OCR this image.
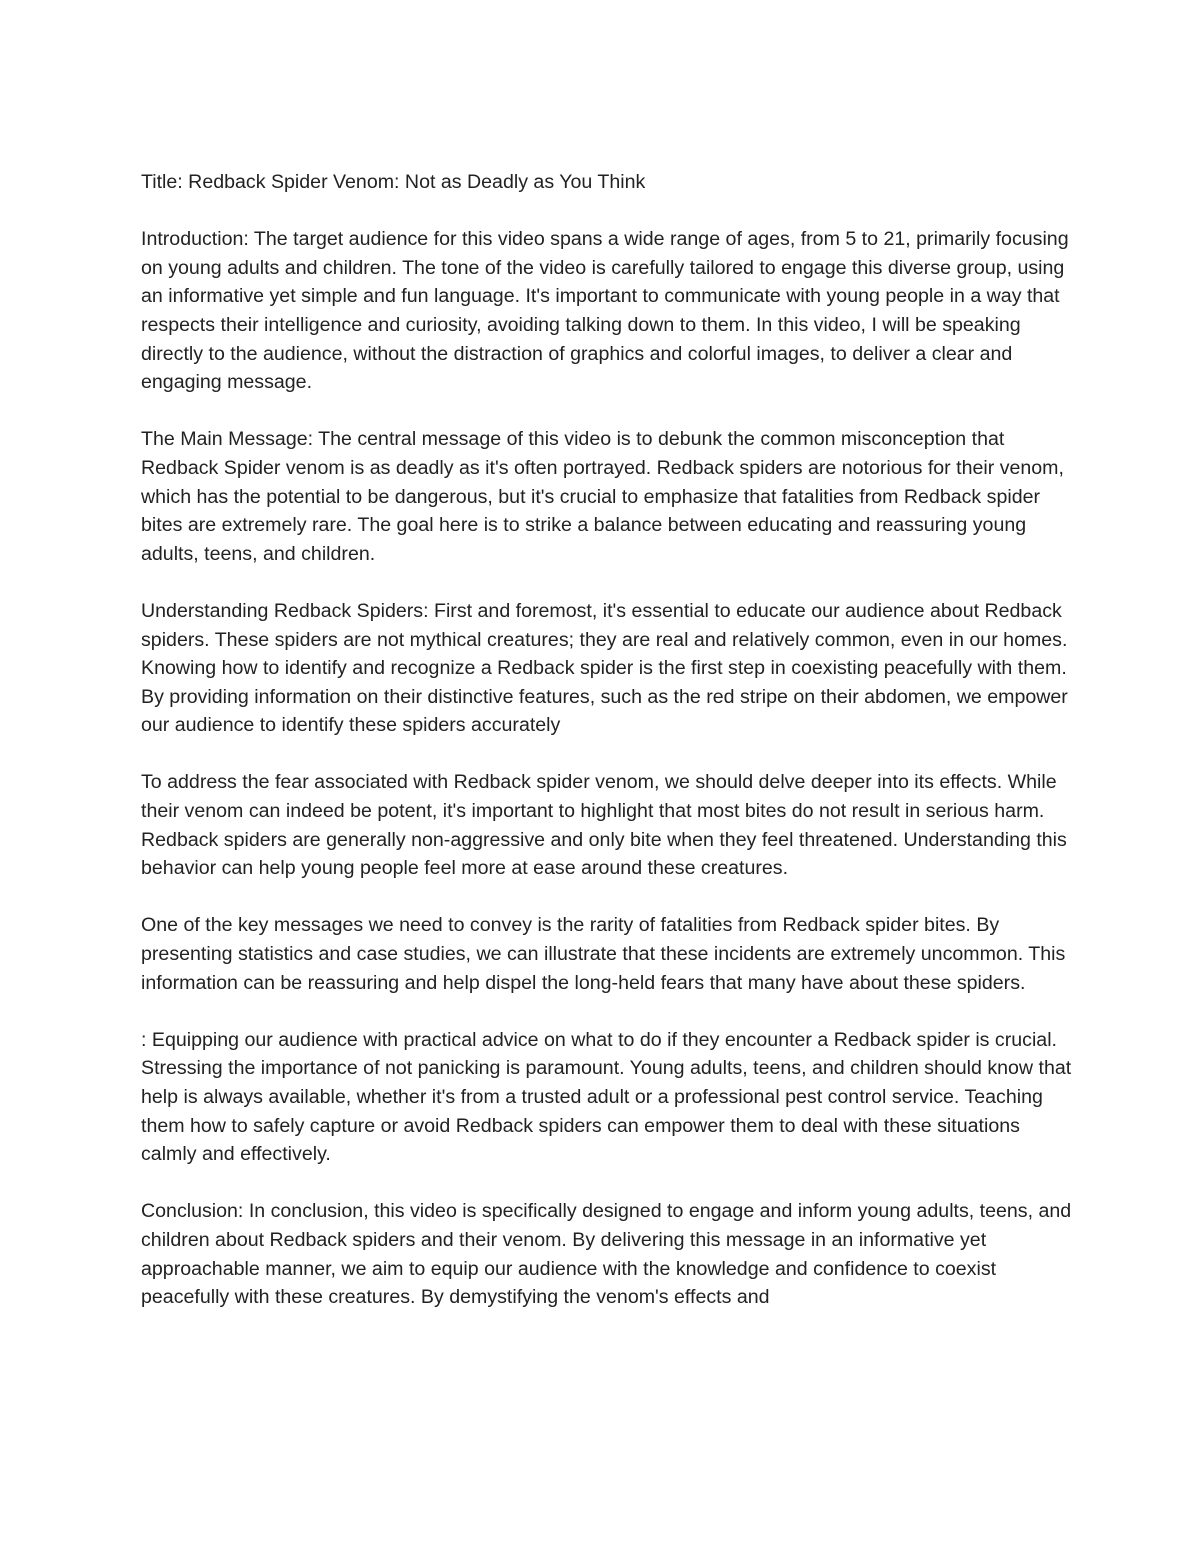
Title: Redback Spider Venom: Not as Deadly as You Think

Introduction: The target audience for this video spans a wide range of ages, from 5 to 21, primarily focusing on young adults and children. The tone of the video is carefully tailored to engage this diverse group, using an informative yet simple and fun language. It's important to communicate with young people in a way that respects their intelligence and curiosity, avoiding talking down to them. In this video, I will be speaking directly to the audience, without the distraction of graphics and colorful images, to deliver a clear and engaging message.

The Main Message: The central message of this video is to debunk the common misconception that Redback Spider venom is as deadly as it's often portrayed. Redback spiders are notorious for their venom, which has the potential to be dangerous, but it's crucial to emphasize that fatalities from Redback spider bites are extremely rare. The goal here is to strike a balance between educating and reassuring young adults, teens, and children.

Understanding Redback Spiders: First and foremost, it's essential to educate our audience about Redback spiders. These spiders are not mythical creatures; they are real and relatively common, even in our homes. Knowing how to identify and recognize a Redback spider is the first step in coexisting peacefully with them. By providing information on their distinctive features, such as the red stripe on their abdomen, we empower our audience to identify these spiders accurately

To address the fear associated with Redback spider venom, we should delve deeper into its effects. While their venom can indeed be potent, it's important to highlight that most bites do not result in serious harm. Redback spiders are generally non-aggressive and only bite when they feel threatened. Understanding this behavior can help young people feel more at ease around these creatures.

One of the key messages we need to convey is the rarity of fatalities from Redback spider bites. By presenting statistics and case studies, we can illustrate that these incidents are extremely uncommon. This information can be reassuring and help dispel the long-held fears that many have about these spiders.

: Equipping our audience with practical advice on what to do if they encounter a Redback spider is crucial. Stressing the importance of not panicking is paramount. Young adults, teens, and children should know that help is always available, whether it's from a trusted adult or a professional pest control service. Teaching them how to safely capture or avoid Redback spiders can empower them to deal with these situations calmly and effectively.

Conclusion: In conclusion, this video is specifically designed to engage and inform young adults, teens, and children about Redback spiders and their venom. By delivering this message in an informative yet approachable manner, we aim to equip our audience with the knowledge and confidence to coexist peacefully with these creatures. By demystifying the venom's effects and
